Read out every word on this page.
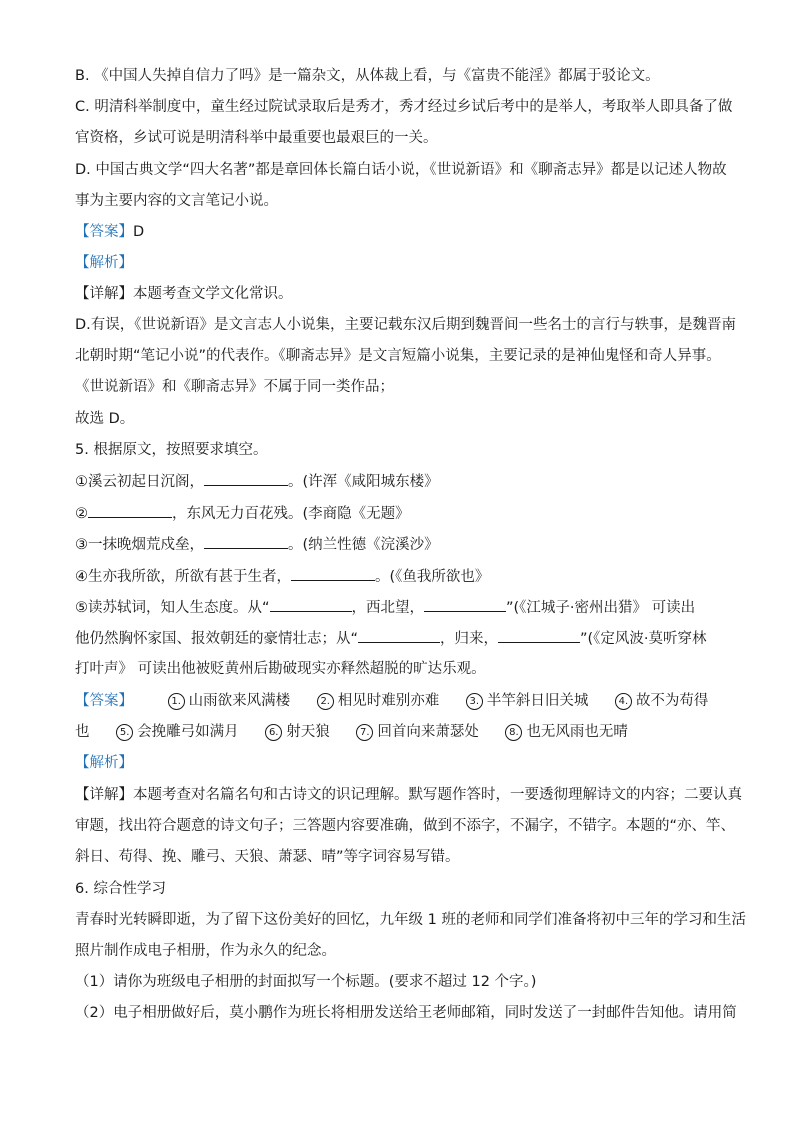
B. 《中国人失掉自信力了吗》是一篇杂文，从体裁上看，与《富贵不能淫》都属于驳论文。
C. 明清科举制度中，童生经过院试录取后是秀才，秀才经过乡试后考中的是举人，考取举人即具备了做
官资格，乡试可说是明清科举中最重要也最艰巨的一关。
D. 中国古典文学“四大名著”都是章回体长篇白话小说，《世说新语》和《聊斋志异》都是以记述人物故
事为主要内容的文言笔记小说。
【答案】D
【解析】
【详解】本题考查文学文化常识。
D.有误，《世说新语》是文言志人小说集，主要记载东汉后期到魏晋间一些名士的言行与轶事，是魏晋南
北朝时期“笔记小说”的代表作。《聊斋志异》是文言短篇小说集，主要记录的是神仙鬼怪和奇人异事。
《世说新语》和《聊斋志异》不属于同一类作品；
故选 D。
5. 根据原文，按照要求填空。
①溪云初起日沉阁，	。(许浑《咸阳城东楼》
②	，东风无力百花残。(李商隐《无题》
③一抹晚烟荒戍垒，	。(纳兰性德《浣溪沙》
④生亦我所欲，所欲有甚于生者，	。(《鱼我所欲也》
⑤读苏轼词，知人生态度。从“	，西北望，	”(《江城子·密州出猎》 可读出
他仍然胸怀家国、报效朝廷的豪情壮志；从“	，归来，	”(《定风波·莫听穿林
打叶声》 可读出他被贬黄州后勘破现实亦释然超脱的旷达乐观。
【答案】	1. 山雨欲来风满楼	2. 相见时难别亦难	3. 半竿斜日旧关城	4. 故不为苟得
也	5. 会挽雕弓如满月	6. 射天狼	7. 回首向来萧瑟处	8. 也无风雨也无晴
【解析】
【详解】本题考查对名篇名句和古诗文的识记理解。默写题作答时，一要透彻理解诗文的内容；二要认真
审题，找出符合题意的诗文句子；三答题内容要准确，做到不添字，不漏字，不错字。本题的“亦、竿、
斜日、苟得、挽、雕弓、天狼、萧瑟、晴”等字词容易写错。
6. 综合性学习
青春时光转瞬即逝，为了留下这份美好的回忆，九年级 1 班的老师和同学们准备将初中三年的学习和生活
照片制作成电子相册，作为永久的纪念。
（1）请你为班级电子相册的封面拟写一个标题。(要求不超过 12 个字。)
（2）电子相册做好后，莫小鹏作为班长将相册发送给王老师邮箱，同时发送了一封邮件告知他。请用简
